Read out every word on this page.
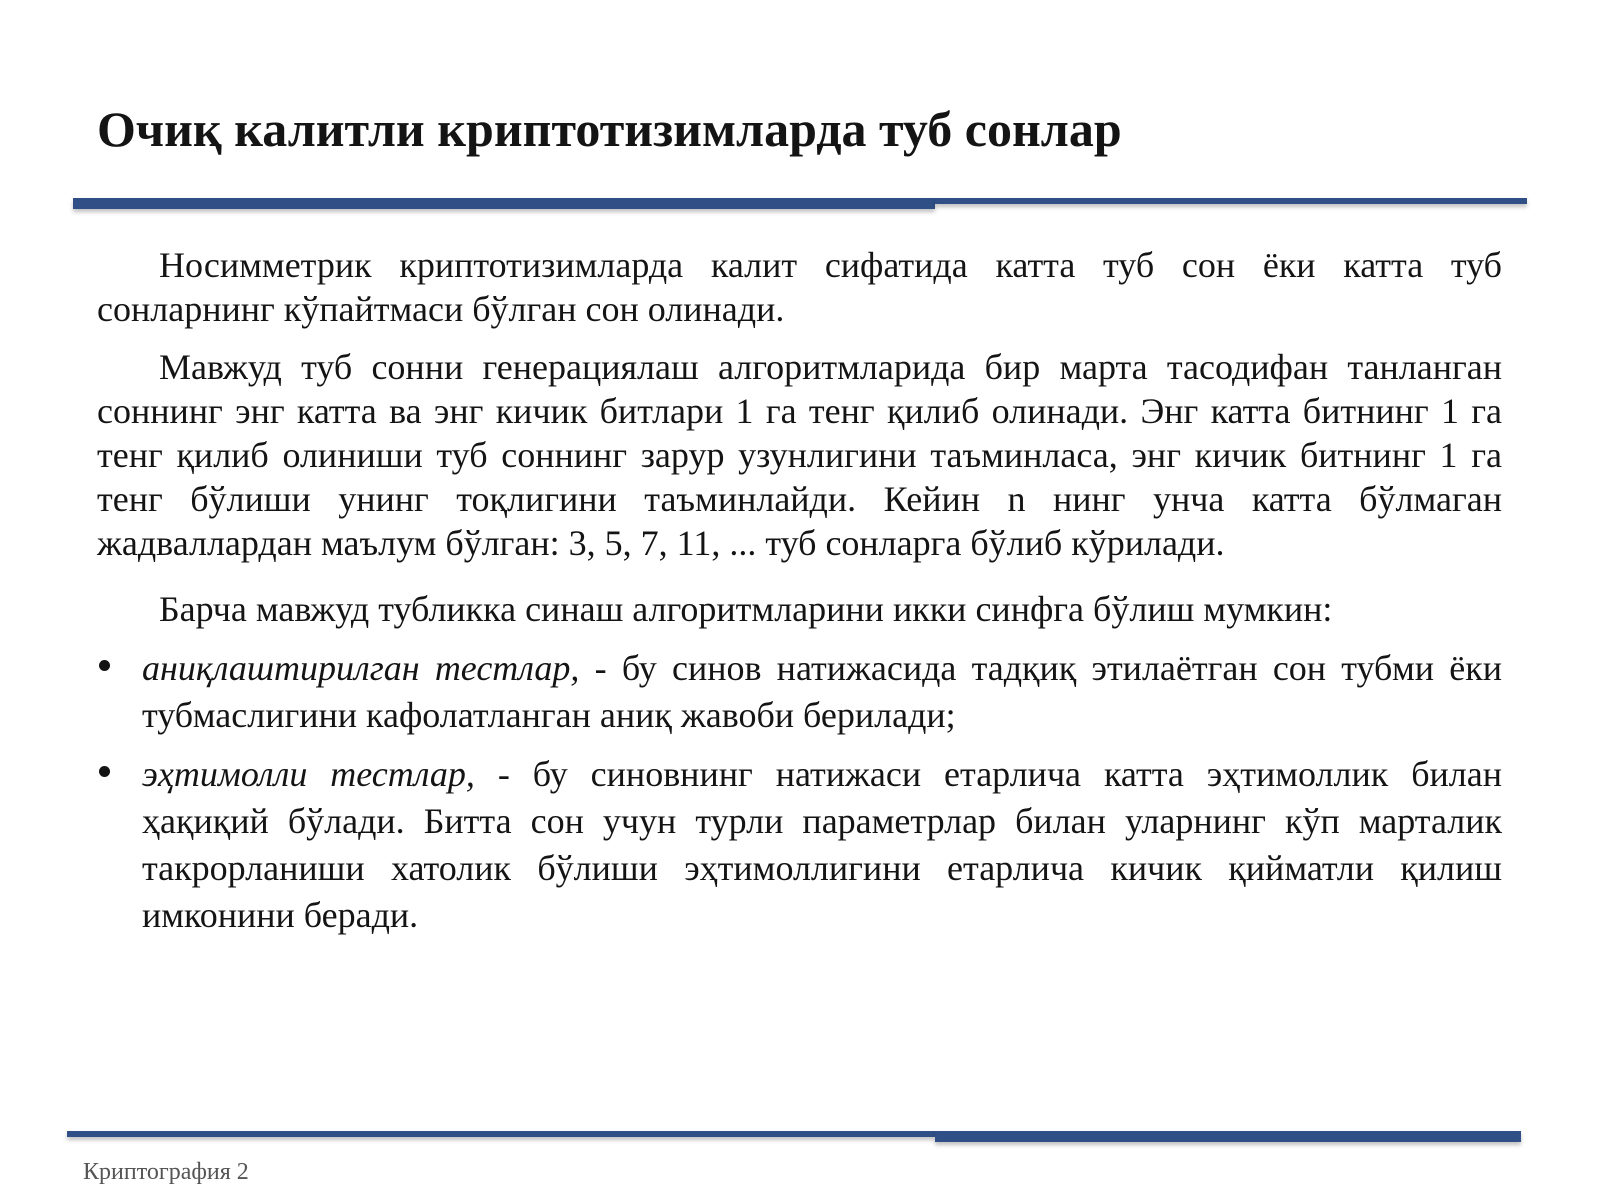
Очиқ калитли криптотизимларда туб сонлар

Носимметрик криптотизимларда калит сифатида катта туб сон ёки катта туб сонларнинг кўпайтмаси бўлган сон олинади.

Мавжуд туб сонни генерациялаш алгоритмларида бир марта тасодифан танланган соннинг энг катта ва энг кичик битлари 1 га тенг қилиб олинади. Энг катта битнинг 1 га тенг қилиб олиниши туб соннинг зарур узунлигини таъминласа, энг кичик битнинг 1 га тенг бўлиши унинг тоқлигини таъминлайди. Кейин n нинг унча катта бўлмаган жадваллардан маълум бўлган: 3, 5, 7, 11, ... туб сонларга бўлиб кўрилади.

Барча мавжуд тубликка синаш алгоритмларини икки синфга бўлиш мумкин:

аниқлаштирилган тестлар, - бу синов натижасида тадқиқ этилаётган сон тубми ёки тубмаслигини кафолатланган аниқ жавоби берилади;
эҳтимолли тестлар, - бу синовнинг натижаси етарлича катта эҳтимоллик билан ҳақиқий бўлади. Битта сон учун турли параметрлар билан уларнинг кўп марталик такрорланиши хатолик бўлиши эҳтимоллигини етарлича кичик қийматли қилиш имконини беради.
Криптография 2
